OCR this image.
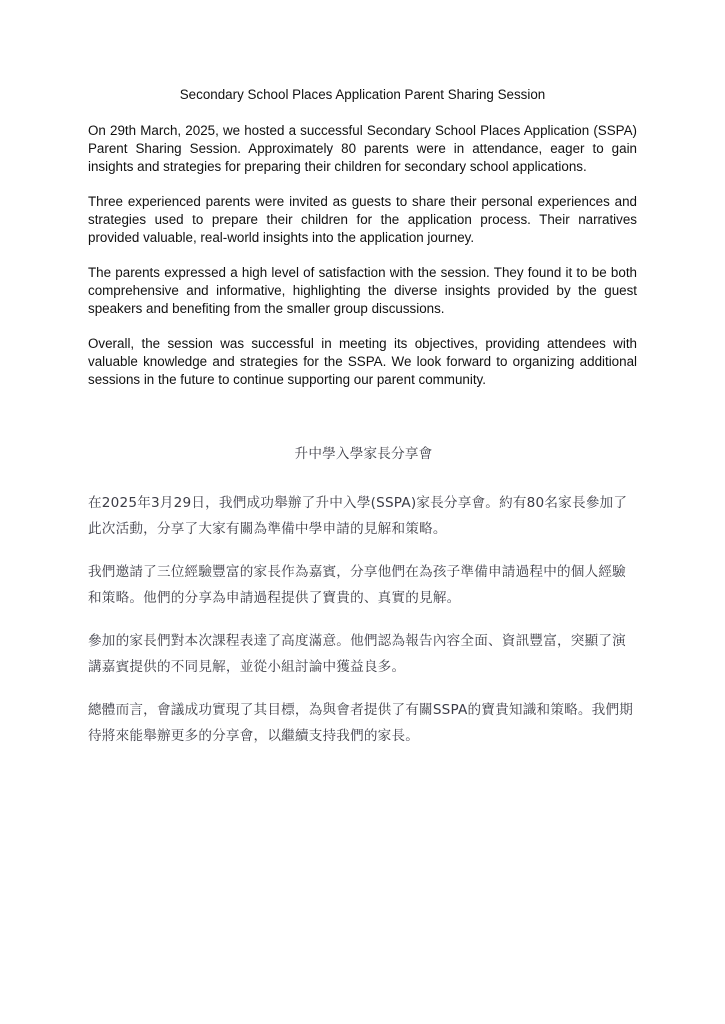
Secondary School Places Application Parent Sharing Session

On 29th March, 2025, we hosted a successful Secondary School Places Application (SSPA) Parent Sharing Session. Approximately 80 parents were in attendance, eager to gain insights and strategies for preparing their children for secondary school applications.

Three experienced parents were invited as guests to share their personal experiences and strategies used to prepare their children for the application process. Their narratives provided valuable, real-world insights into the application journey.

The parents expressed a high level of satisfaction with the session. They found it to be both comprehensive and informative, highlighting the diverse insights provided by the guest speakers and benefiting from the smaller group discussions.

Overall, the session was successful in meeting its objectives, providing attendees with valuable knowledge and strategies for the SSPA. We look forward to organizing additional sessions in the future to continue supporting our parent community.

升中學入學家長分享會

在2025年3月29日，我們成功舉辦了升中入學(SSPA)家長分享會。約有80名家長參加了此次活動，分享了大家有關為準備中學申請的見解和策略。

我們邀請了三位經驗豐富的家長作為嘉賓，分享他們在為孩子準備申請過程中的個人經驗和策略。他們的分享為申請過程提供了寶貴的、真實的見解。

參加的家長們對本次課程表達了高度滿意。他們認為報告內容全面、資訊豐富，突顯了演講嘉賓提供的不同見解，並從小組討論中獲益良多。

總體而言，會議成功實現了其目標，為與會者提供了有關SSPA的寶貴知識和策略。我們期待將來能舉辦更多的分享會，以繼續支持我們的家長。
